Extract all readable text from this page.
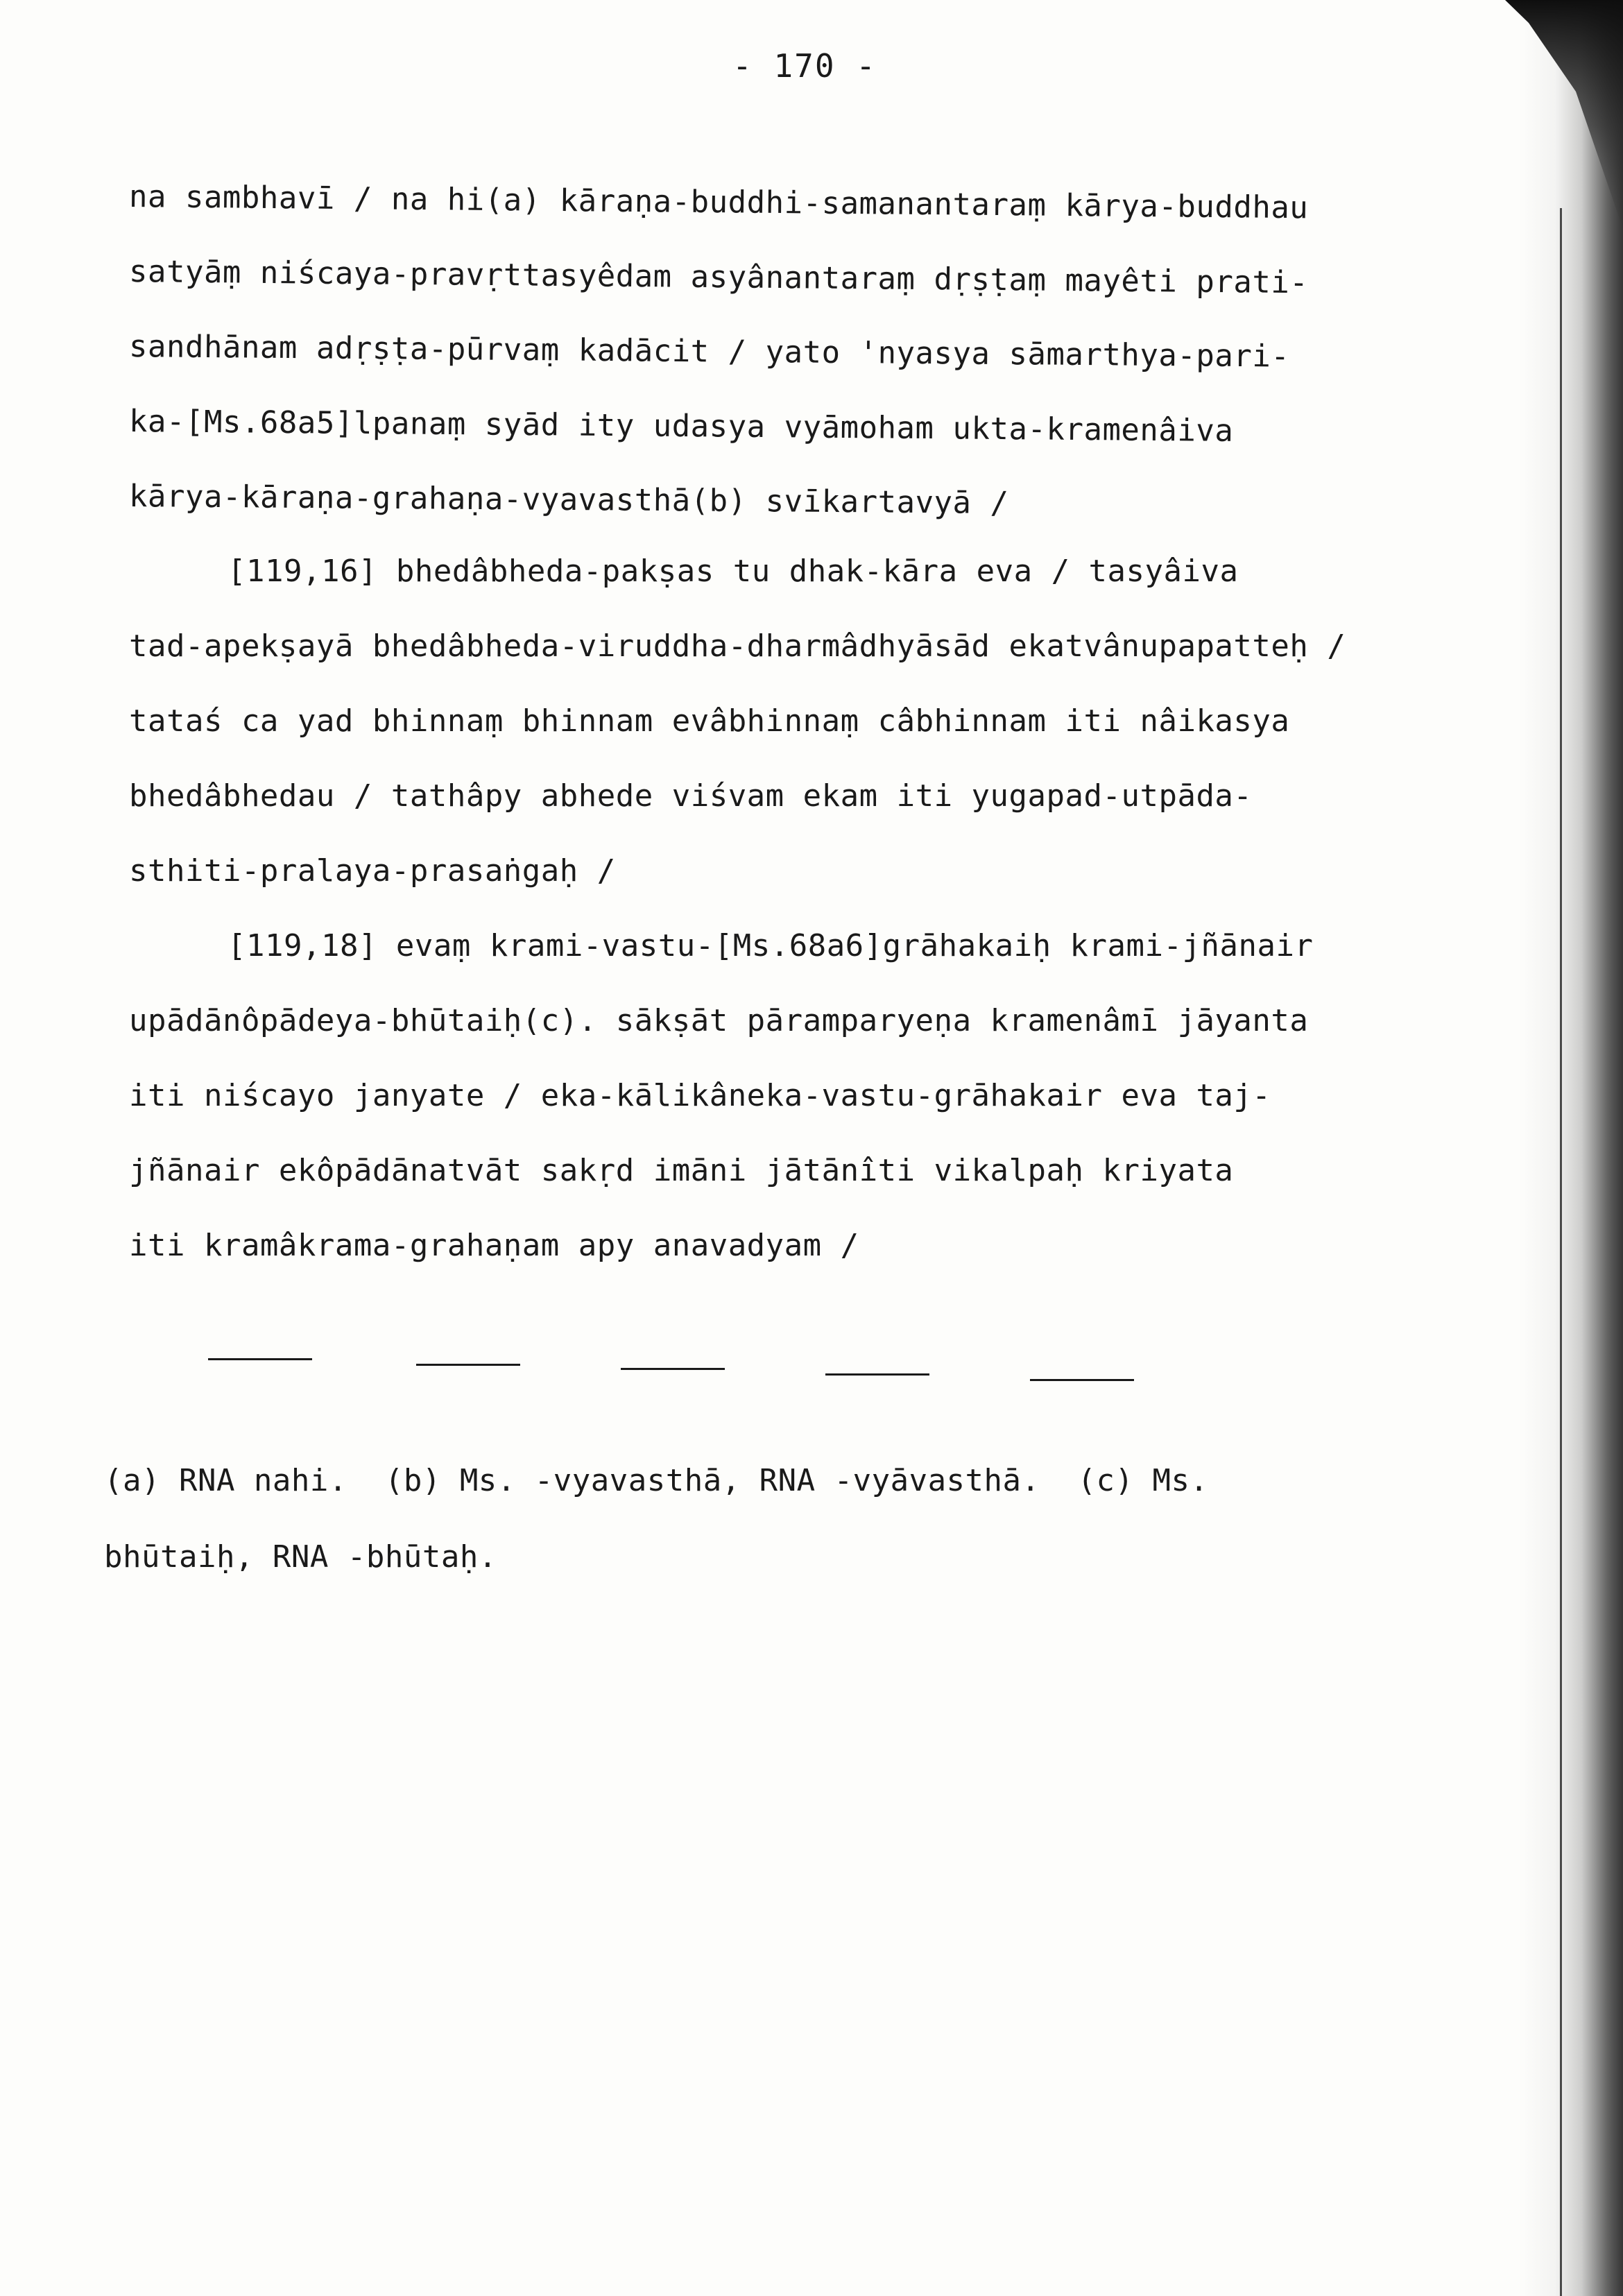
- 170 -
na sambhavī / na hi(a) kāraṇa-buddhi-samanantaraṃ kārya-buddhau
satyāṃ niścaya-pravṛttasyêdam asyânantaraṃ dṛṣṭaṃ mayêti prati-
sandhānam adṛṣṭa-pūrvaṃ kadācit / yato 'nyasya sāmarthya-pari-
ka-[Ms.68a5]lpanaṃ syād ity udasya vyāmoham ukta-kramenâiva
kārya-kāraṇa-grahaṇa-vyavasthā(b) svīkartavyā /
[119,16] bhedâbheda-pakṣas tu dhak-kāra eva / tasyâiva
tad-apekṣayā bhedâbheda-viruddha-dharmâdhyāsād ekatvânupapatteḥ /
tataś ca yad bhinnaṃ bhinnam evâbhinnaṃ câbhinnam iti nâikasya
bhedâbhedau / tathâpy abhede viśvam ekam iti yugapad-utpāda-
sthiti-pralaya-prasaṅgaḥ /
[119,18] evaṃ krami-vastu-[Ms.68a6]grāhakaiḥ krami-jñānair
upādānôpādeya-bhūtaiḥ(c). sākṣāt pāramparyeṇa kramenâmī jāyanta
iti niścayo janyate / eka-kālikâneka-vastu-grāhakair eva taj-
jñānair ekôpādānatvāt sakṛd imāni jātānîti vikalpaḥ kriyata
iti kramâkrama-grahaṇam apy anavadyam /
(a) RNA nahi.  (b) Ms. -vyavasthā, RNA -vyāvasthā.  (c) Ms.
bhūtaiḥ, RNA -bhūtaḥ.
